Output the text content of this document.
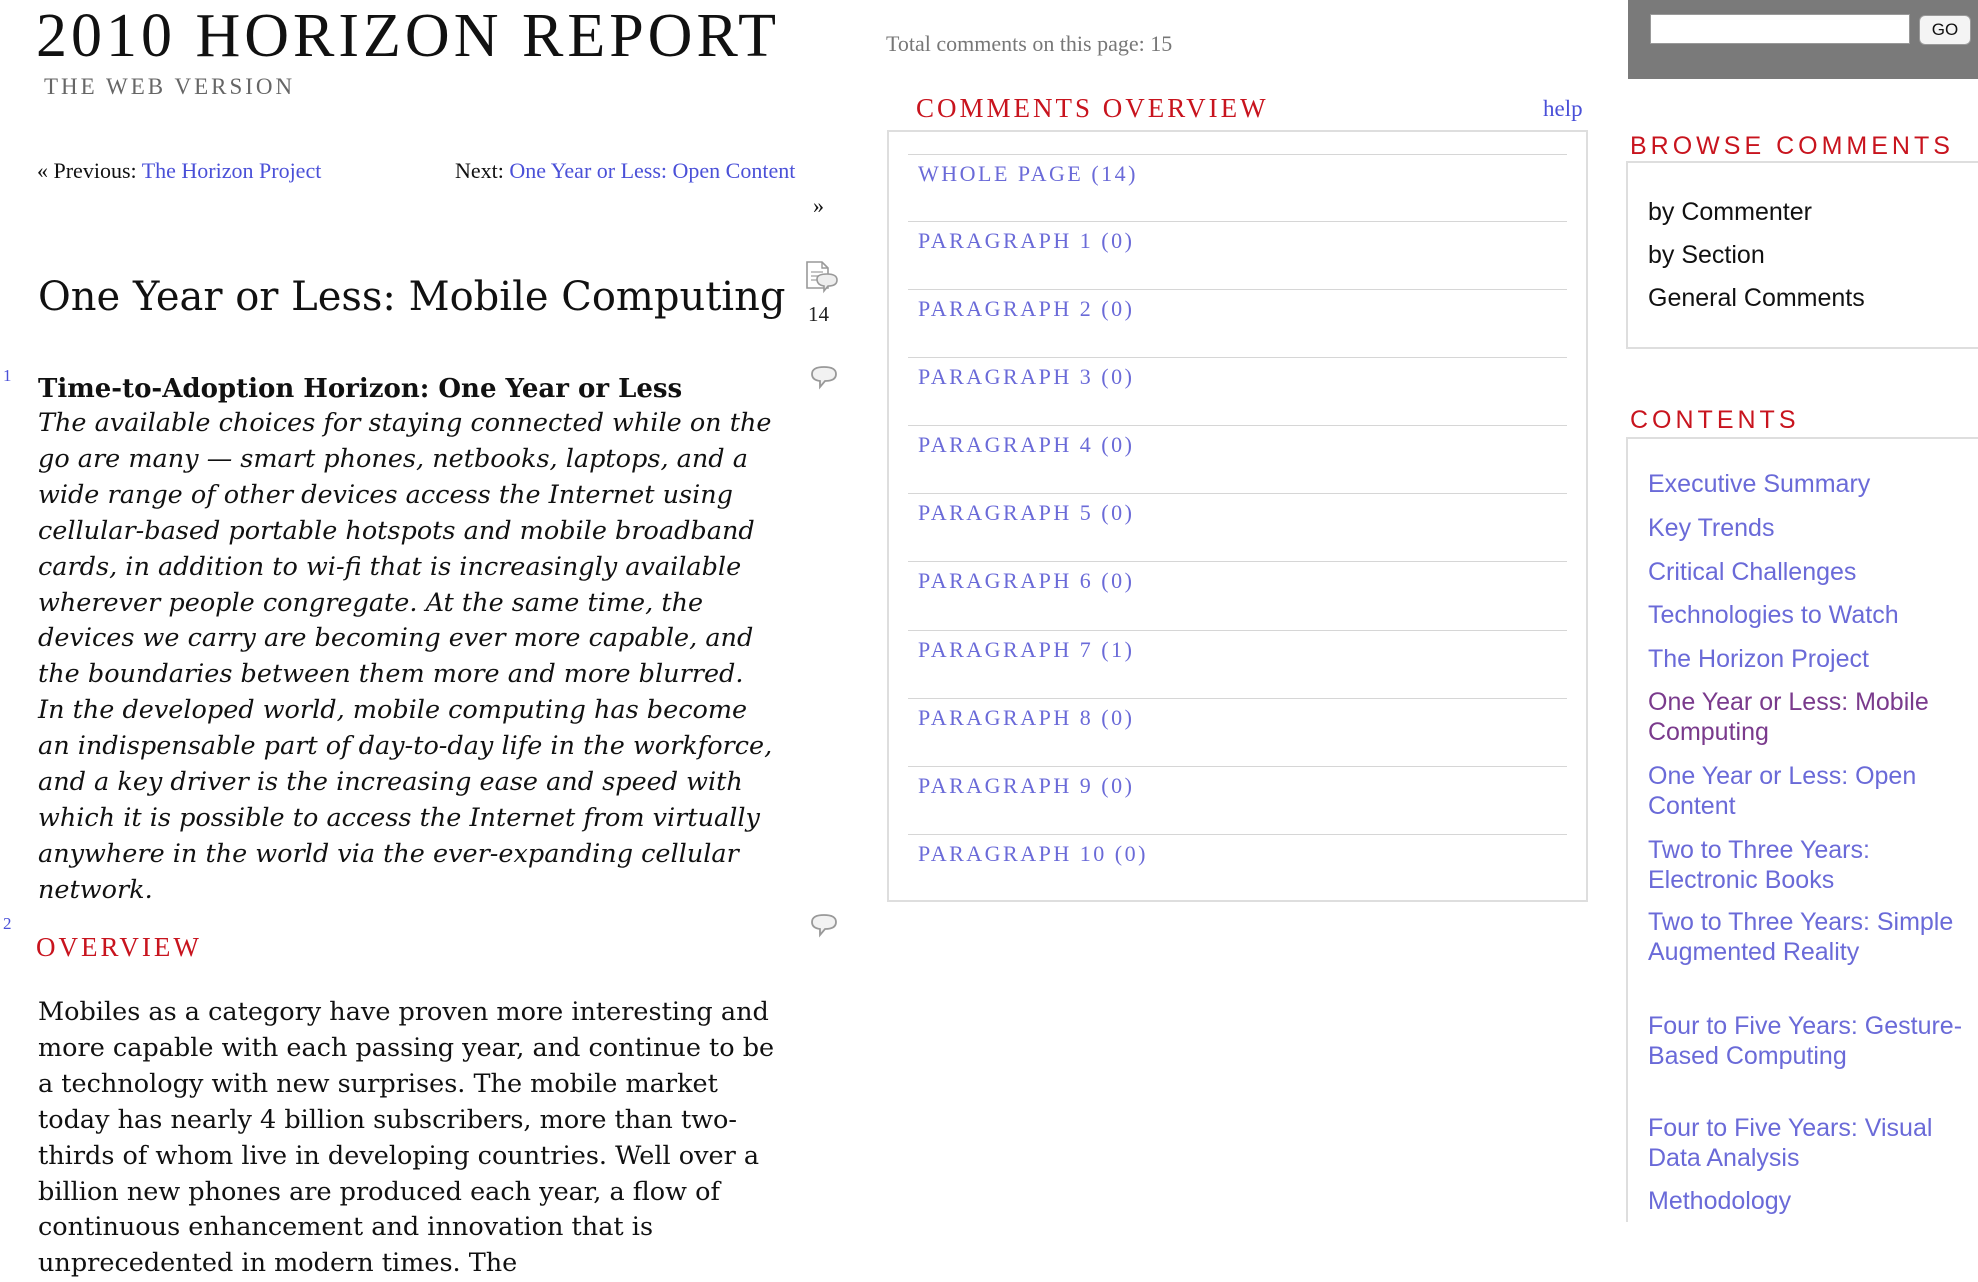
2010 HORIZON REPORT
THE WEB VERSION
« Previous: The Horizon Project	Next: One Year or Less: Open Content
»
One Year or Less: Mobile Computing 14
1 Time-to-Adoption Horizon: One Year or Less

The available choices for staying connected while on the go are many — smart phones, netbooks, laptops, and a wide range of other devices access the Internet using cellular-based portable hotspots and mobile broadband cards, in addition to wi-fi that is increasingly available wherever people congregate. At the same time, the devices we carry are becoming ever more capable, and the boundaries between them more and more blurred. In the developed world, mobile computing has become an indispensable part of day-to-day life in the workforce, and a key driver is the increasing ease and speed with which it is possible to access the Internet from virtually anywhere in the world via the ever-expanding cellular network.

2
OVERVIEW

Mobiles as a category have proven more interesting and more capable with each passing year, and continue to be a technology with new surprises. The mobile market today has nearly 4 billion subscribers, more than two-thirds of whom live in developing countries. Well over a billion new phones are produced each year, a flow of continuous enhancement and innovation that is unprecedented in modern times. The

Total comments on this page: 15
COMMENTS OVERVIEW	help
WHOLE PAGE (14)
PARAGRAPH 1 (0)
PARAGRAPH 2 (0)
PARAGRAPH 3 (0)
PARAGRAPH 4 (0)
PARAGRAPH 5 (0)
PARAGRAPH 6 (0)
PARAGRAPH 7 (1)
PARAGRAPH 8 (0)
PARAGRAPH 9 (0)
PARAGRAPH 10 (0)
GO
BROWSE COMMENTS
by Commenter
by Section
General Comments
CONTENTS
Executive Summary
Key Trends
Critical Challenges
Technologies to Watch
The Horizon Project
One Year or Less: Mobile Computing
One Year or Less: Open Content
Two to Three Years: Electronic Books
Two to Three Years: Simple Augmented Reality
Four to Five Years: Gesture-Based Computing
Four to Five Years: Visual Data Analysis
Methodology
